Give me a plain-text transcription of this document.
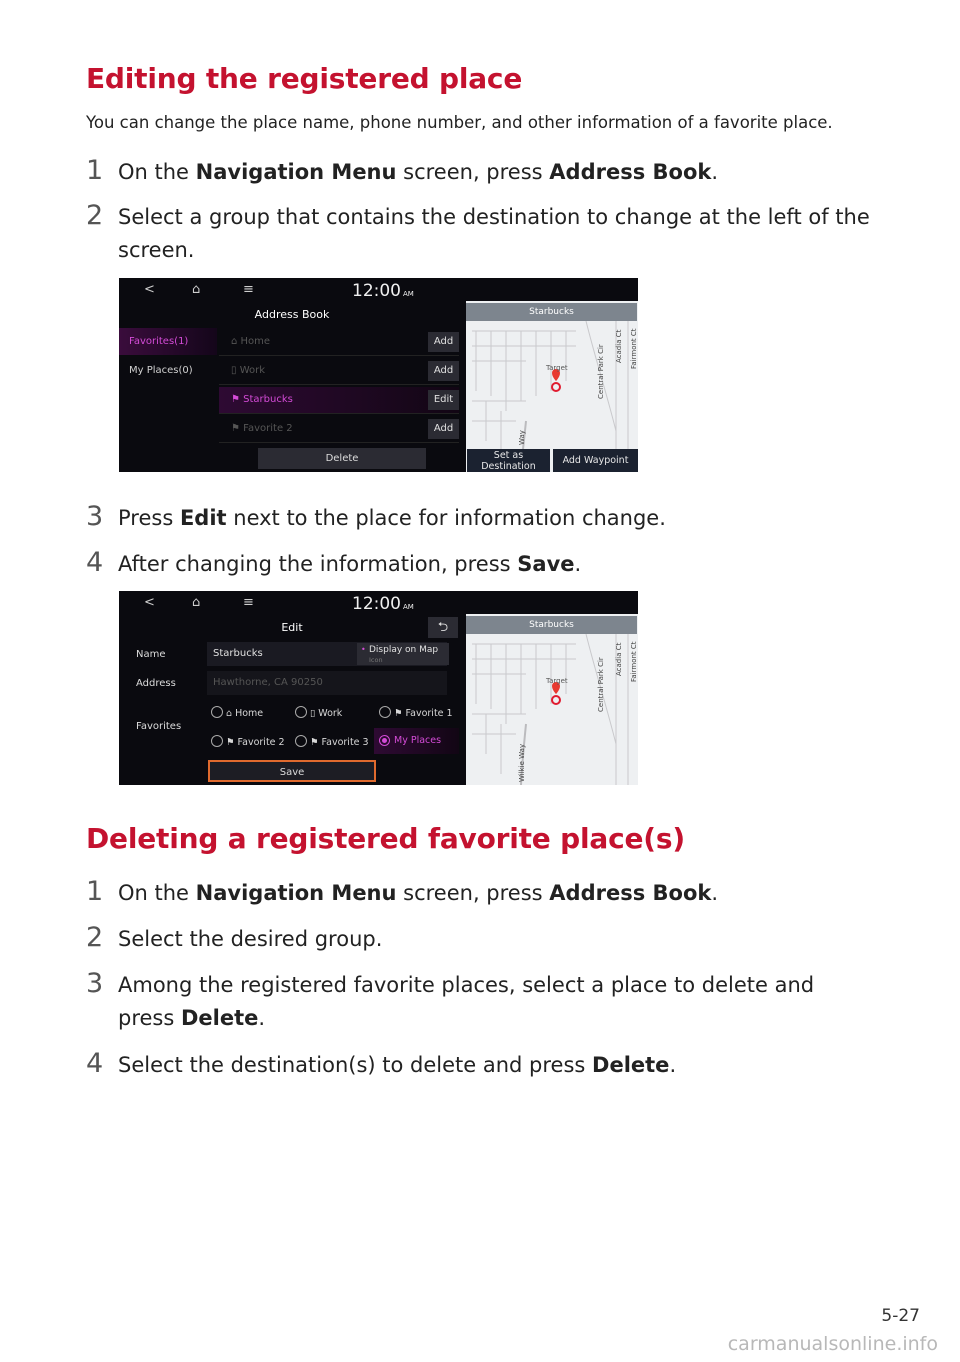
Editing the registered place
You can change the place name, phone number, and other information of a favorite place.
1 On the Navigation Menu screen, press Address Book.
2 Select a group that contains the destination to change at the left of the screen.
<	⌂	≡	12:00 AM
Address Book
Favorites(1)
My Places(0)
⌂ Home	Add
▯ Work	Add
⚑ Starbucks	Edit
⚑ Favorite 2	Add
Delete
Target	Central Park Cir Acadia Ct Fairmont Ct
Way
Starbucks
Set as Destination
Add Waypoint
3 Press Edit next to the place for information change.
4 After changing the information, press Save.
<	⌂	≡	12:00 AM
Edit	⮌
Name	Starbucks	• Display on Map
Icon
Address	Hawthorne, CA 90250
Favorites
⌂ Home	▯ Work	⚑ Favorite 1
⚑ Favorite 2	⚑ Favorite 3	My Places
Save
Target	Central Park Cir Acadia Ct Fairmont Ct
Wilkie Way
Starbucks
Deleting a registered favorite place(s)
1 On the Navigation Menu screen, press Address Book.
2 Select the desired group.
3 Among the registered favorite places, select a place to delete and press Delete.
4 Select the destination(s) to delete and press Delete.
5-27
carmanualsonline.info
